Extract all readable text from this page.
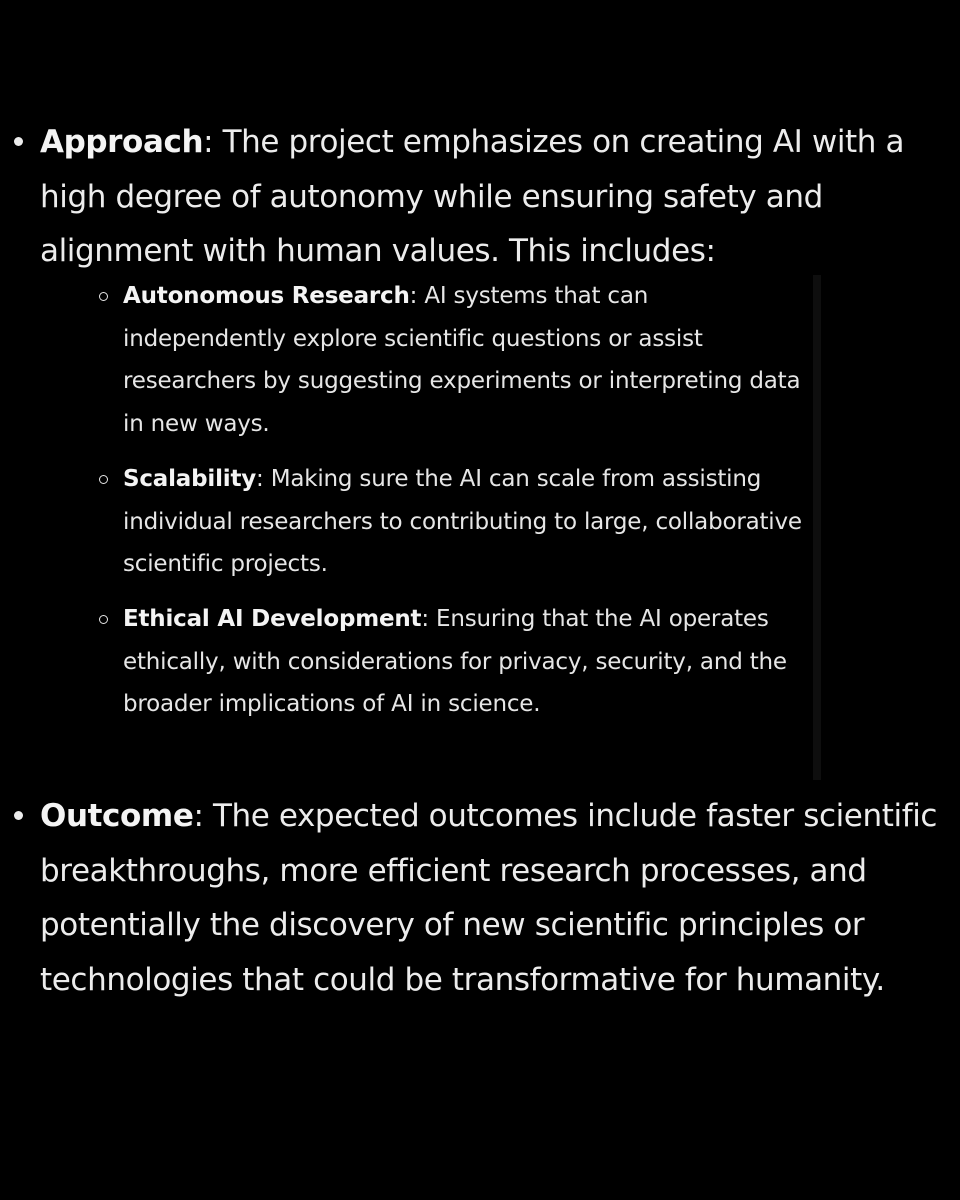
Approach: The project emphasizes on creating AI with a high degree of autonomy while ensuring safety and alignment with human values. This includes:
Autonomous Research: AI systems that can independently explore scientific questions or assist researchers by suggesting experiments or interpreting data in new ways.
Scalability: Making sure the AI can scale from assisting individual researchers to contributing to large, collaborative scientific projects.
Ethical AI Development: Ensuring that the AI operates ethically, with considerations for privacy, security, and the broader implications of AI in science.
Outcome: The expected outcomes include faster scientific breakthroughs, more efficient research processes, and potentially the discovery of new scientific principles or technologies that could be transformative for humanity.
